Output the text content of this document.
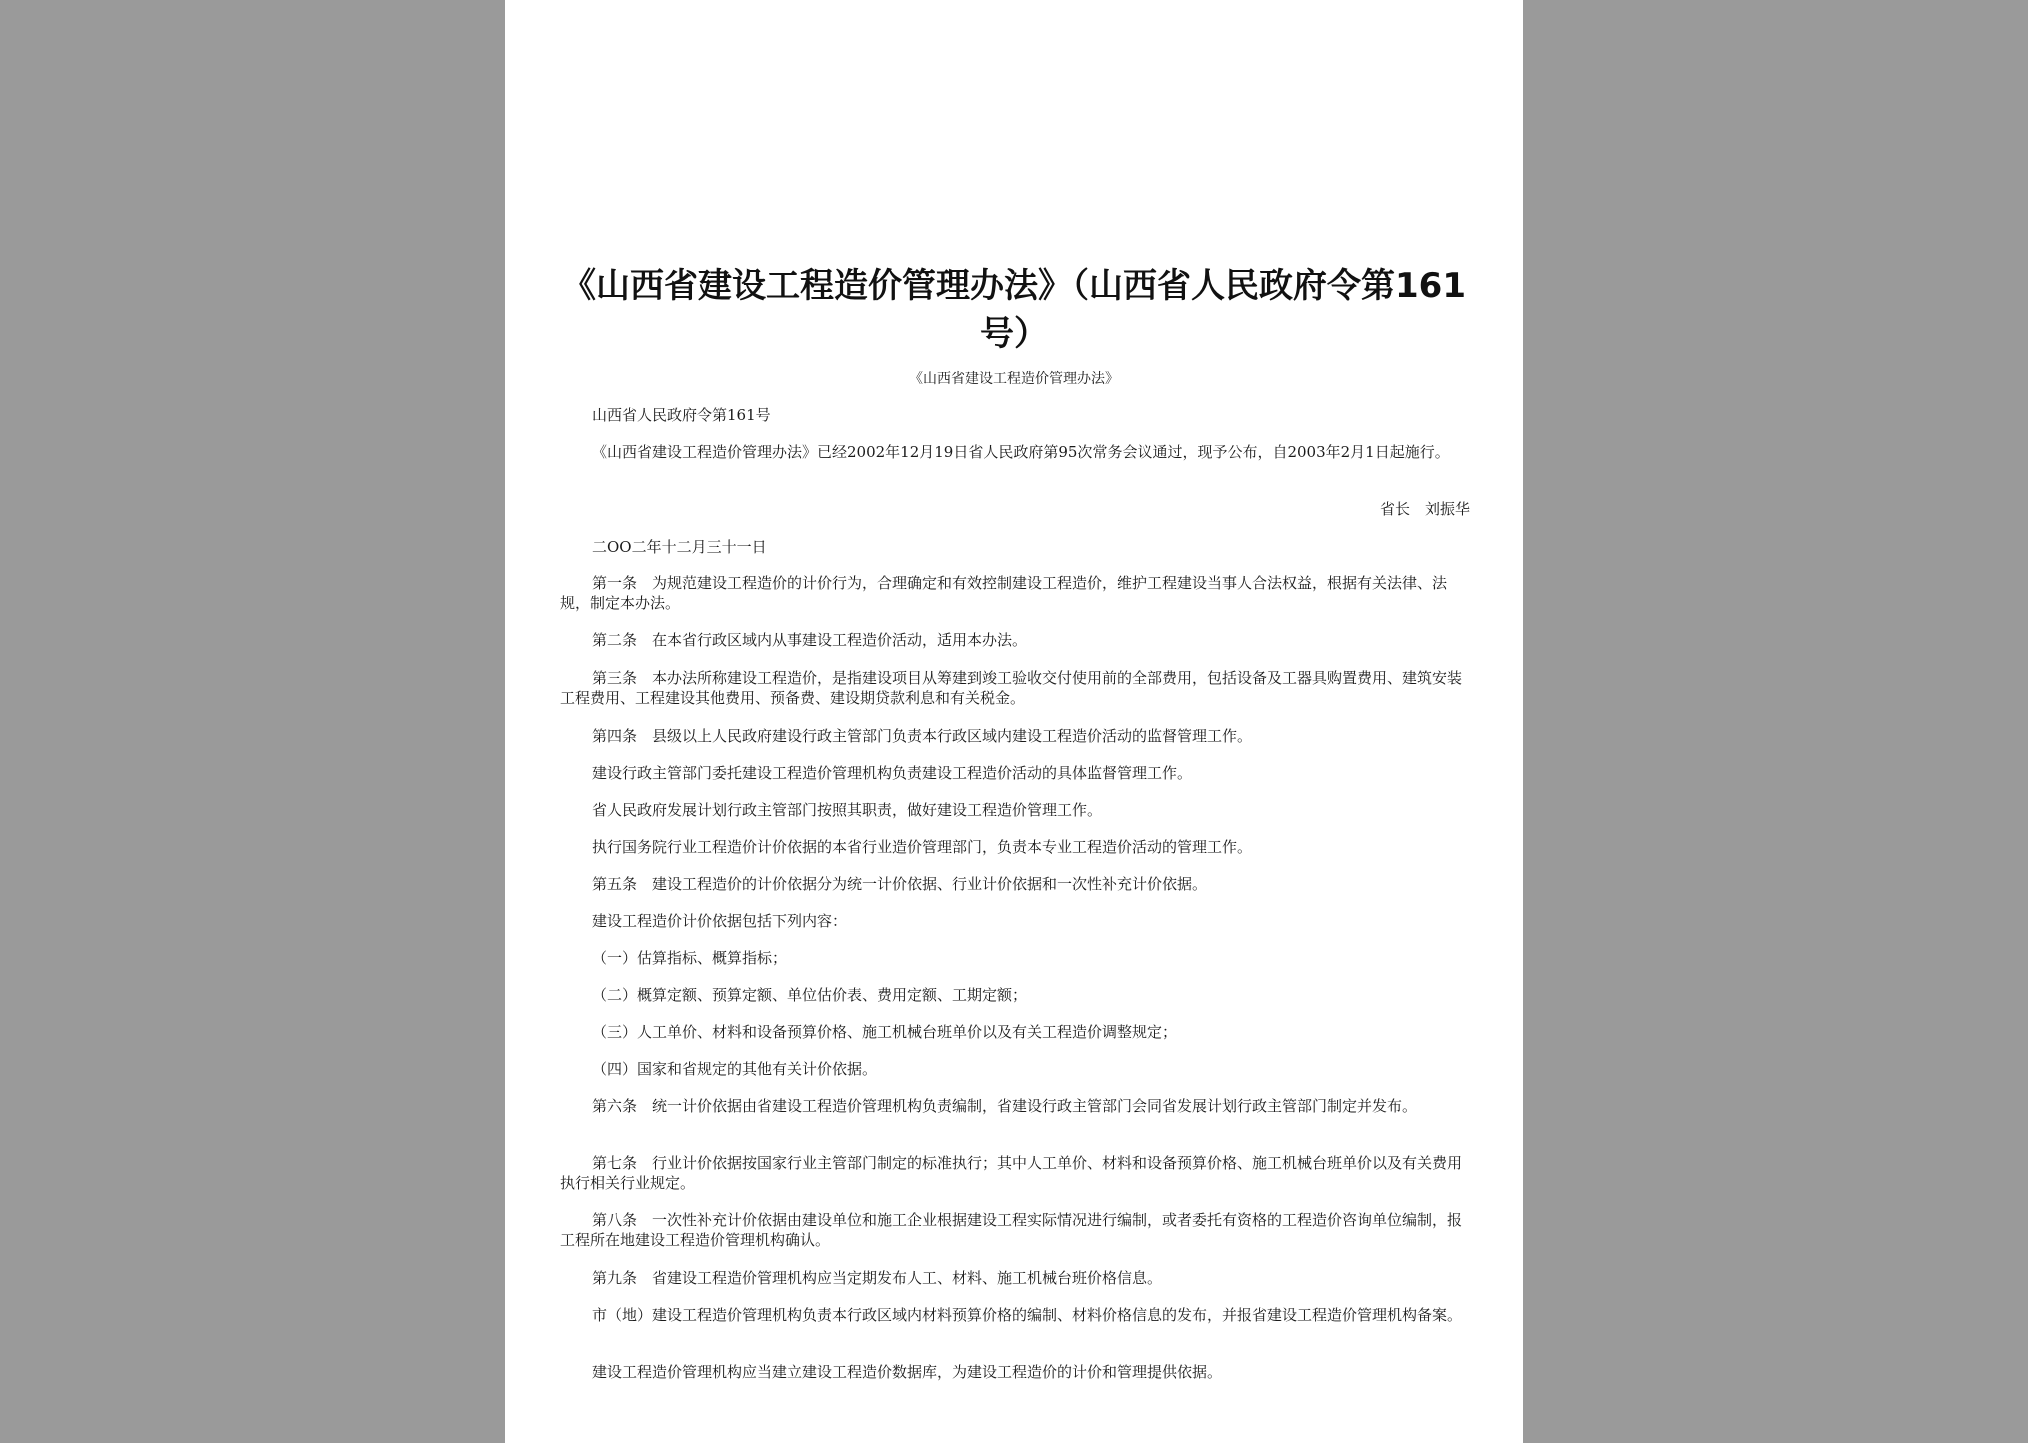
《山西省建设工程造价管理办法》（山西省人民政府令第161号）
《山西省建设工程造价管理办法》
山西省人民政府令第161号
《山西省建设工程造价管理办法》已经2002年12月19日省人民政府第95次常务会议通过，现予公布，自2003年2月1日起施行。
省长　刘振华
二OO二年十二月三十一日
第一条　为规范建设工程造价的计价行为，合理确定和有效控制建设工程造价，维护工程建设当事人合法权益，根据有关法律、法规，制定本办法。
第二条　在本省行政区域内从事建设工程造价活动，适用本办法。
第三条　本办法所称建设工程造价，是指建设项目从筹建到竣工验收交付使用前的全部费用，包括设备及工器具购置费用、建筑安装工程费用、工程建设其他费用、预备费、建设期贷款利息和有关税金。
第四条　县级以上人民政府建设行政主管部门负责本行政区域内建设工程造价活动的监督管理工作。
建设行政主管部门委托建设工程造价管理机构负责建设工程造价活动的具体监督管理工作。
省人民政府发展计划行政主管部门按照其职责，做好建设工程造价管理工作。
执行国务院行业工程造价计价依据的本省行业造价管理部门，负责本专业工程造价活动的管理工作。
第五条　建设工程造价的计价依据分为统一计价依据、行业计价依据和一次性补充计价依据。
建设工程造价计价依据包括下列内容：
（一）估算指标、概算指标；
（二）概算定额、预算定额、单位估价表、费用定额、工期定额；
（三）人工单价、材料和设备预算价格、施工机械台班单价以及有关工程造价调整规定；
（四）国家和省规定的其他有关计价依据。
第六条　统一计价依据由省建设工程造价管理机构负责编制，省建设行政主管部门会同省发展计划行政主管部门制定并发布。
第七条　行业计价依据按国家行业主管部门制定的标准执行；其中人工单价、材料和设备预算价格、施工机械台班单价以及有关费用执行相关行业规定。
第八条　一次性补充计价依据由建设单位和施工企业根据建设工程实际情况进行编制，或者委托有资格的工程造价咨询单位编制，报工程所在地建设工程造价管理机构确认。
第九条　省建设工程造价管理机构应当定期发布人工、材料、施工机械台班价格信息。
市（地）建设工程造价管理机构负责本行政区域内材料预算价格的编制、材料价格信息的发布，并报省建设工程造价管理机构备案。
建设工程造价管理机构应当建立建设工程造价数据库，为建设工程造价的计价和管理提供依据。
